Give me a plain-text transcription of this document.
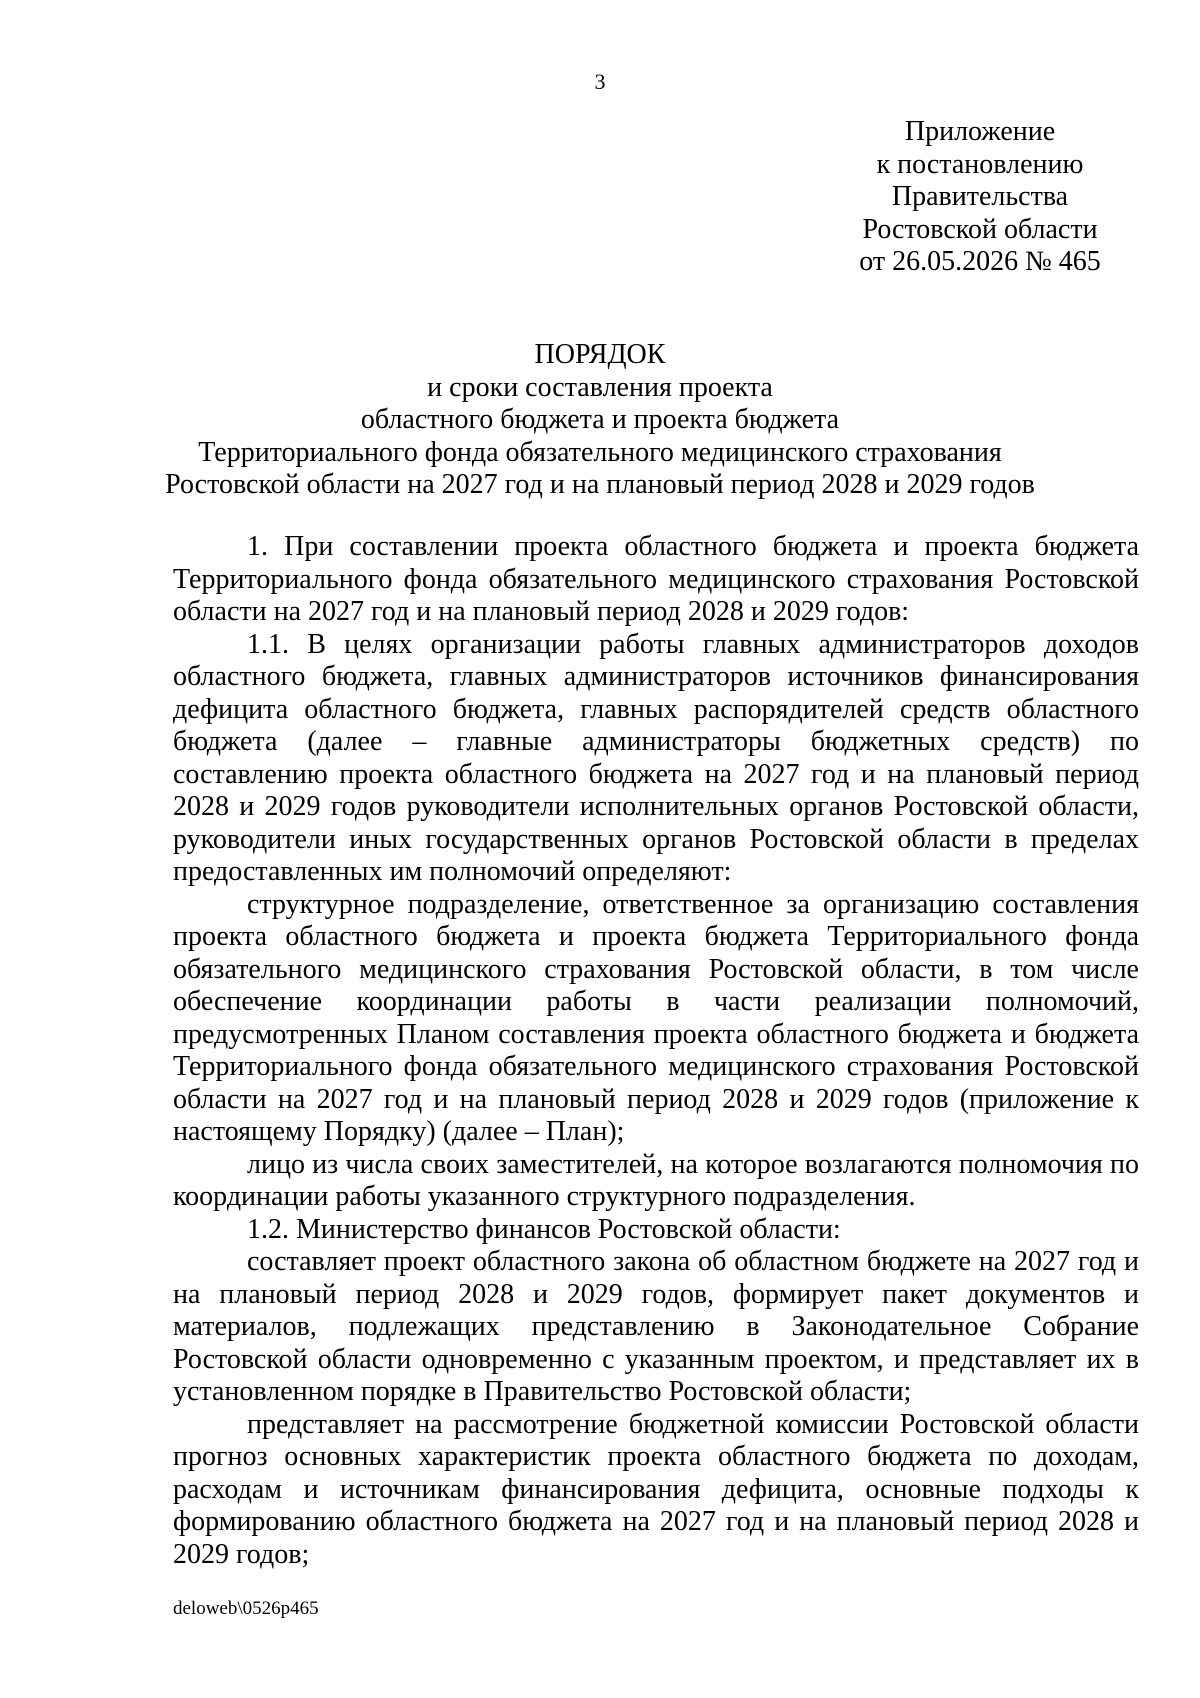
3
Приложение
к постановлению
Правительства
Ростовской области
от 26.05.2026 № 465
ПОРЯДОК
и сроки составления проекта
областного бюджета и проекта бюджета
Территориального фонда обязательного медицинского страхования
Ростовской области на 2027 год и на плановый период 2028 и 2029 годов

1. При составлении проекта областного бюджета и проекта бюджета Территориального фонда обязательного медицинского страхования Ростовской области на 2027 год и на плановый период 2028 и 2029 годов:

1.1. В целях организации работы главных администраторов доходов областного бюджета, главных администраторов источников финансирования дефицита областного бюджета, главных распорядителей средств областного бюджета (далее – главные администраторы бюджетных средств) по составлению проекта областного бюджета на 2027 год и на плановый период 2028 и 2029 годов руководители исполнительных органов Ростовской области, руководители иных государственных органов Ростовской области в пределах предоставленных им полномочий определяют:

структурное подразделение, ответственное за организацию составления проекта областного бюджета и проекта бюджета Территориального фонда обязательного медицинского страхования Ростовской области, в том числе обеспечение координации работы в части реализации полномочий, предусмотренных Планом составления проекта областного бюджета и бюджета Территориального фонда обязательного медицинского страхования Ростовской области на 2027 год и на плановый период 2028 и 2029 годов (приложение к настоящему Порядку) (далее – План);

лицо из числа своих заместителей, на которое возлагаются полномочия по координации работы указанного структурного подразделения.

1.2. Министерство финансов Ростовской области:

составляет проект областного закона об областном бюджете на 2027 год и на плановый период 2028 и 2029 годов, формирует пакет документов и материалов, подлежащих представлению в Законодательное Собрание Ростовской области одновременно с указанным проектом, и представляет их в установленном порядке в Правительство Ростовской области;

представляет на рассмотрение бюджетной комиссии Ростовской области прогноз основных характеристик проекта областного бюджета по доходам, расходам и источникам финансирования дефицита, основные подходы к формированию областного бюджета на 2027 год и на плановый период 2028 и 2029 годов;

deloweb\0526p465
